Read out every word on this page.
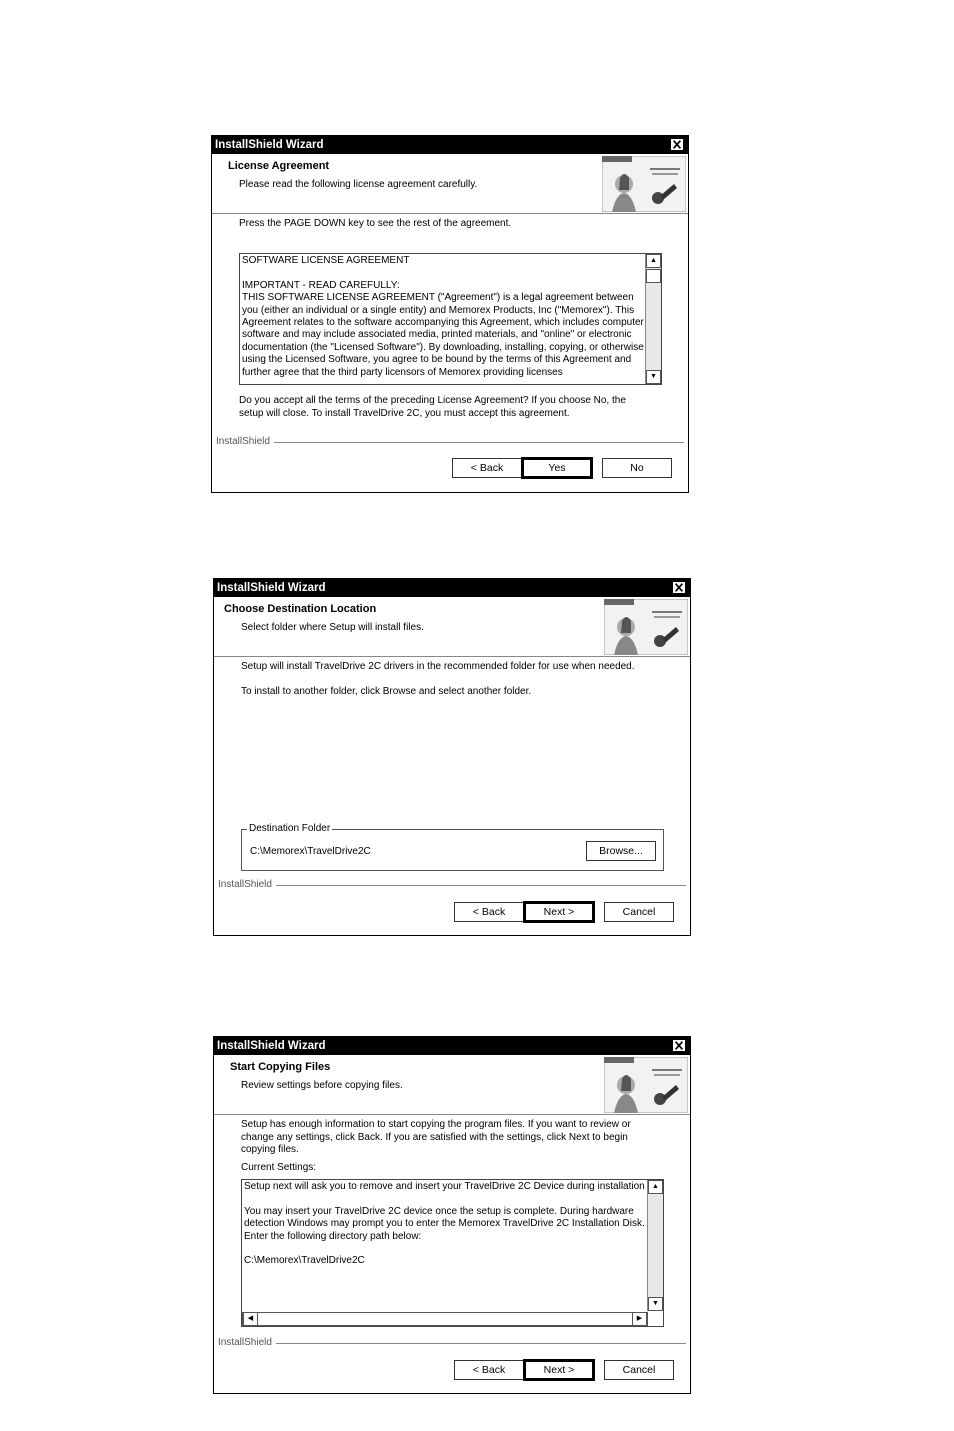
InstallShield Wizard
License Agreement
Please read the following license agreement carefully.
Press the PAGE DOWN key to see the rest of the agreement.
SOFTWARE LICENSE AGREEMENT

IMPORTANT - READ CAREFULLY:
THIS SOFTWARE LICENSE AGREEMENT ("Agreement") is a legal agreement between you (either an individual or a single entity) and Memorex Products, Inc ("Memorex"). This Agreement relates to the software accompanying this Agreement, which includes computer software and may include associated media, printed materials, and "online" or electronic documentation (the "Licensed Software"). By downloading, installing, copying, or otherwise using the Licensed Software, you agree to be bound by the terms of this Agreement and further agree that the third party licensors of Memorex providing licenses
▲
▼
Do you accept all the terms of the preceding License Agreement? If you choose No, the setup will close. To install TravelDrive 2C, you must accept this agreement.
InstallShield
< Back	Yes	No
InstallShield Wizard
Choose Destination Location
Select folder where Setup will install files.
Setup will install TravelDrive 2C drivers in the recommended folder for use when needed.
To install to another folder, click Browse and select another folder.
Destination Folder
C:\Memorex\TravelDrive2C	Browse...
InstallShield
< Back	Next >	Cancel
InstallShield Wizard
Start Copying Files
Review settings before copying files.
Setup has enough information to start copying the program files. If you want to review or change any settings, click Back. If you are satisfied with the settings, click Next to begin copying files.
Current Settings:
Setup next will ask you to remove and insert your TravelDrive 2C Device during installation

You may insert your TravelDrive 2C device once the setup is complete. During hardware detection Windows may prompt you to enter the Memorex TravelDrive 2C Installation Disk. Enter the following directory path below:

C:\Memorex\TravelDrive2C
▲
▼
◀	▶
InstallShield
< Back	Next >	Cancel
